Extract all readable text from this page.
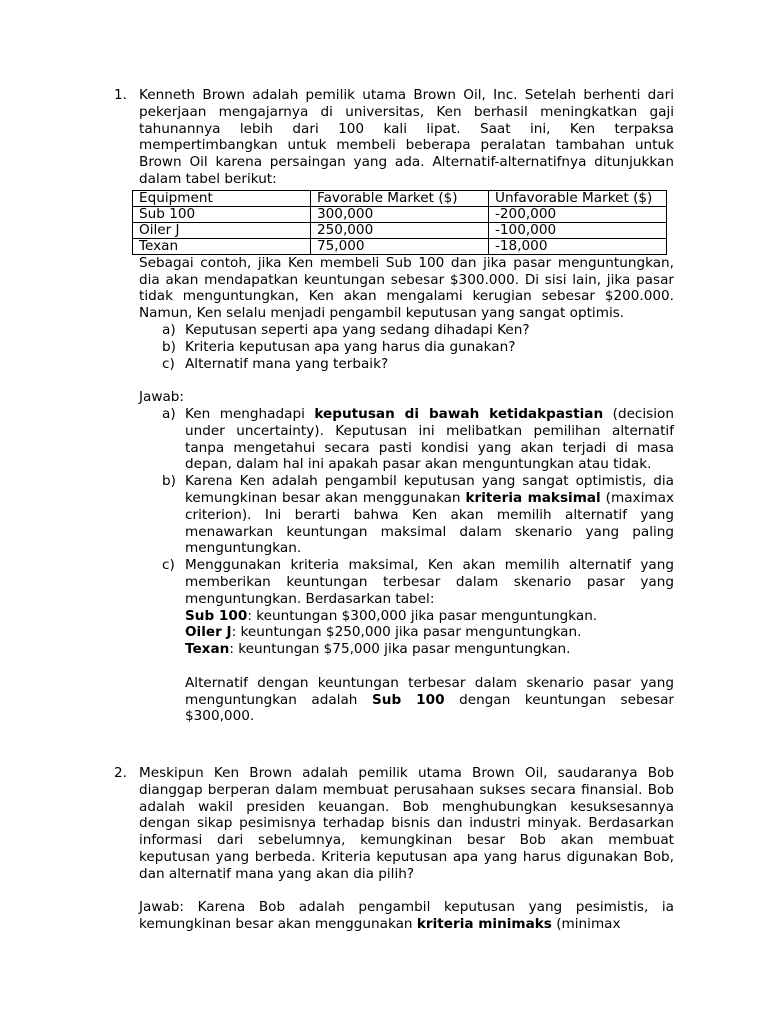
1. Kenneth Brown adalah pemilik utama Brown Oil, Inc. Setelah berhenti dari pekerjaan mengajarnya di universitas, Ken berhasil meningkatkan gaji tahunannya lebih dari 100 kali lipat. Saat ini, Ken terpaksa mempertimbangkan untuk membeli beberapa peralatan tambahan untuk Brown Oil karena persaingan yang ada. Alternatif-alternatifnya ditunjukkan dalam tabel berikut:

Equipment	Favorable Market ($)	Unfavorable Market ($)
Sub 100	300,000	-200,000
Oiler J	250,000	-100,000
Texan	75,000	-18,000

Sebagai contoh, jika Ken membeli Sub 100 dan jika pasar menguntungkan, dia akan mendapatkan keuntungan sebesar $300.000. Di sisi lain, jika pasar tidak menguntungkan, Ken akan mengalami kerugian sebesar $200.000. Namun, Ken selalu menjadi pengambil keputusan yang sangat optimis.

a) Keputusan seperti apa yang sedang dihadapi Ken?
b) Kriteria keputusan apa yang harus dia gunakan?
c) Alternatif mana yang terbaik?

Jawab:

a) Ken menghadapi keputusan di bawah ketidakpastian (decision under uncertainty). Keputusan ini melibatkan pemilihan alternatif tanpa mengetahui secara pasti kondisi yang akan terjadi di masa depan, dalam hal ini apakah pasar akan menguntungkan atau tidak.
b) Karena Ken adalah pengambil keputusan yang sangat optimistis, dia kemungkinan besar akan menggunakan kriteria maksimal (maximax criterion). Ini berarti bahwa Ken akan memilih alternatif yang menawarkan keuntungan maksimal dalam skenario yang paling menguntungkan.
c) Menggunakan kriteria maksimal, Ken akan memilih alternatif yang memberikan keuntungan terbesar dalam skenario pasar yang menguntungkan. Berdasarkan tabel:
Sub 100: keuntungan $300,000 jika pasar menguntungkan.
Oiler J: keuntungan $250,000 jika pasar menguntungkan.
Texan: keuntungan $75,000 jika pasar menguntungkan.
Alternatif dengan keuntungan terbesar dalam skenario pasar yang menguntungkan adalah Sub 100 dengan keuntungan sebesar $300,000.
2. Meskipun Ken Brown adalah pemilik utama Brown Oil, saudaranya Bob dianggap berperan dalam membuat perusahaan sukses secara finansial. Bob adalah wakil presiden keuangan. Bob menghubungkan kesuksesannya dengan sikap pesimisnya terhadap bisnis dan industri minyak. Berdasarkan informasi dari sebelumnya, kemungkinan besar Bob akan membuat keputusan yang berbeda. Kriteria keputusan apa yang harus digunakan Bob, dan alternatif mana yang akan dia pilih?

Jawab: Karena Bob adalah pengambil keputusan yang pesimistis, ia kemungkinan besar akan menggunakan kriteria minimaks (minimax
